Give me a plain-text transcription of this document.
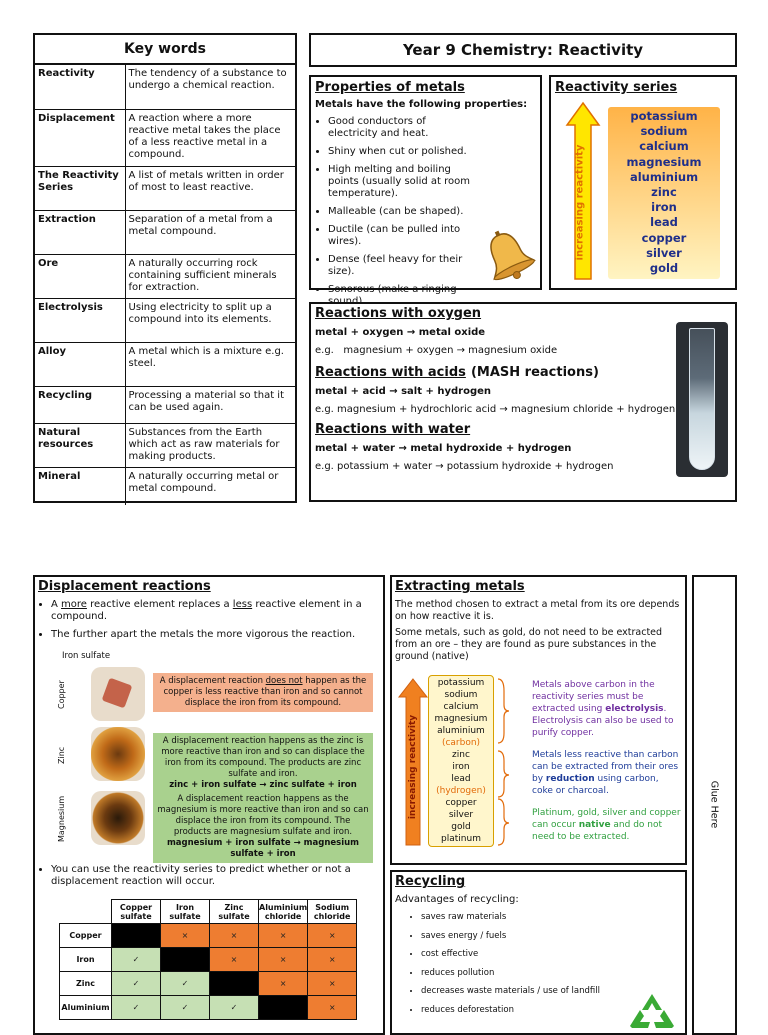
Key words
Reactivity	The tendency of a substance to undergo a chemical reaction.
Displacement	A reaction where a more reactive metal takes the place of a less reactive metal in a compound.
The Reactivity Series	A list of metals written in order of most to least reactive.
Extraction	Separation of a metal from a metal compound.
Ore	A naturally occurring rock containing sufficient minerals for extraction.
Electrolysis	Using electricity to split up a compound into its elements.
Alloy	A metal which is a mixture e.g. steel.
Recycling	Processing a material so that it can be used again.
Natural resources	Substances from the Earth which act as raw materials for making products.
Mineral	A naturally occurring metal or metal compound.
Year 9 Chemistry: Reactivity
Properties of metals
Metals have the following properties:
• Good conductors of electricity and heat.
• Shiny when cut or polished.
• High melting and boiling points (usually solid at room temperature).
• Malleable (can be shaped).
• Ductile (can be pulled into wires).
• Dense (feel heavy for their size).
• Sonorous (make a ringing
Reactivity series
increasing reactivity
potassium
sodium
calcium
magnesium
aluminium
zinc
iron
lead
copper
silver
gold
Reactions with oxygen
metal + oxygen → metal oxide
e.g. magnesium + oxygen → magnesium oxide
Reactions with acids (MASH reactions)
metal + acid → salt + hydrogen
e.g. magnesium + hydrochloric acid → magnesium chloride + hydrogen
Reactions with water
metal + water → metal hydroxide + hydrogen
e.g. potassium + water → potassium hydroxide + hydrogen
Displacement reactions
• A more reactive element replaces a less reactive element in a compound.
• The further apart the metals the more vigorous the reaction.
Iron sulfate
Copper	A displacement reaction does not happen as the copper is less reactive than iron and so cannot displace the iron from its compound.
Zinc
A displacement reaction happens as the zinc is more reactive than iron and so can displace the iron from its compound. The products are zinc sulfate and iron.
zinc + iron sulfate → zinc sulfate + iron
Magnesium	A displacement reaction happens as the magnesium is more reactive than iron and so can displace the iron from its compound. The products are magnesium sulfate and iron.
magnesium + iron sulfate → magnesium sulfate + iron
• You can use the reactivity series to predict whether or not a displacement reaction will occur.
	Copper sulfate	Iron sulfate	Zinc sulfate	Aluminium chloride	Sodium chloride
Copper		×	×	×	×
Iron	✓		×	×	×
Zinc	✓	✓		×	×
Aluminium	✓	✓	✓		×
Extracting metals
The method chosen to extract a metal from its ore depends on how reactive it is.
Some metals, such as gold, do not need to be extracted from an ore – they are found as pure substances in the ground (native)
increasing reactivity
potassium
sodium
calcium
magnesium
aluminium
(carbon)
zinc
iron
lead
(hydrogen)
copper
silver
gold
platinum
Metals above carbon in the reactivity series must be extracted using electrolysis. Electrolysis can also be used to purify copper.
Metals less reactive than carbon can be extracted from their ores by reduction using carbon, coke or charcoal.
Platinum, gold, silver and copper can occur native and do not need to be extracted.
Recycling
Advantages of recycling:
• saves raw materials
• saves energy / fuels
• cost effective
• reduces pollution
• decreases waste materials / use of landfill
• reduces deforestation
Glue Here
